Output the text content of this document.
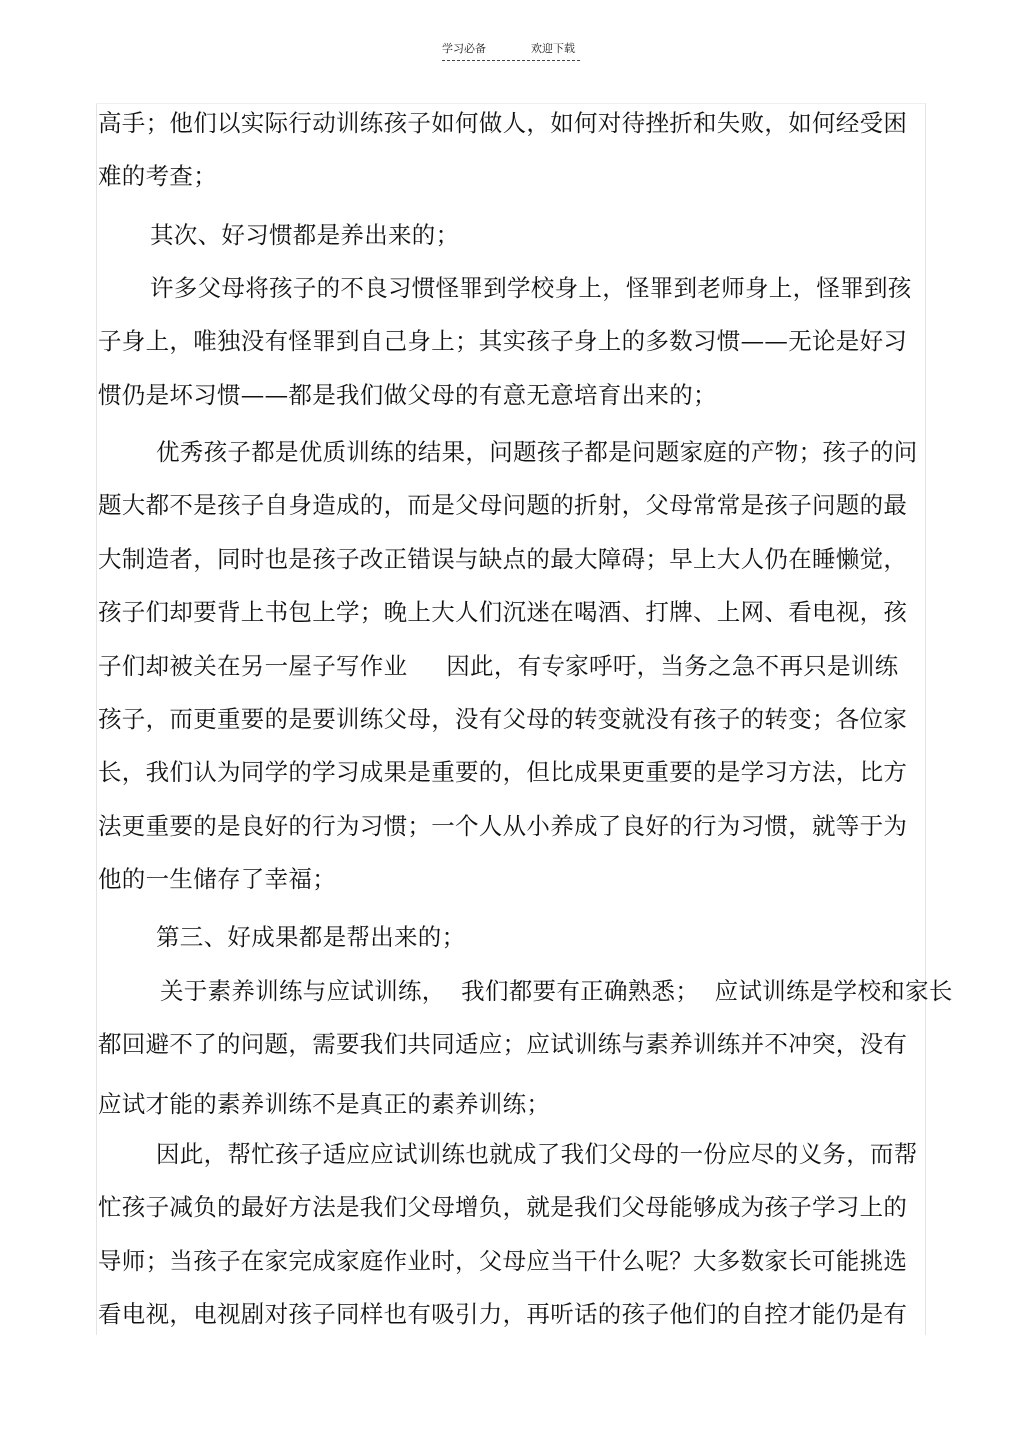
学习必备	欢迎下载
高手；他们以实际行动训练孩子如何做人，如何对待挫折和失败，如何经受困
难的考查；
其次、好习惯都是养出来的；
许多父母将孩子的不良习惯怪罪到学校身上，怪罪到老师身上，怪罪到孩
子身上，唯独没有怪罪到自己身上；其实孩子身上的多数习惯——无论是好习
惯仍是坏习惯——都是我们做父母的有意无意培育出来的；
优秀孩子都是优质训练的结果，问题孩子都是问题家庭的产物；孩子的问
题大都不是孩子自身造成的，而是父母问题的折射，父母常常是孩子问题的最
大制造者，同时也是孩子改正错误与缺点的最大障碍；早上大人仍在睡懒觉，
孩子们却要背上书包上学；晚上大人们沉迷在喝酒、打牌、上网、看电视，孩
子们却被关在另一屋子写作业     因此，有专家呼吁，当务之急不再只是训练
孩子，而更重要的是要训练父母，没有父母的转变就没有孩子的转变；各位家
长，我们认为同学的学习成果是重要的，但比成果更重要的是学习方法，比方
法更重要的是良好的行为习惯；一个人从小养成了良好的行为习惯，就等于为
他的一生储存了幸福；
第三、好成果都是帮出来的；
关于素养训练与应试训练，  我们都要有正确熟悉；  应试训练是学校和家长
都回避不了的问题，需要我们共同适应；应试训练与素养训练并不冲突，没有
应试才能的素养训练不是真正的素养训练；
因此，帮忙孩子适应应试训练也就成了我们父母的一份应尽的义务，而帮
忙孩子减负的最好方法是我们父母增负，就是我们父母能够成为孩子学习上的
导师；当孩子在家完成家庭作业时，父母应当干什么呢？大多数家长可能挑选
看电视，电视剧对孩子同样也有吸引力，再听话的孩子他们的自控才能仍是有
